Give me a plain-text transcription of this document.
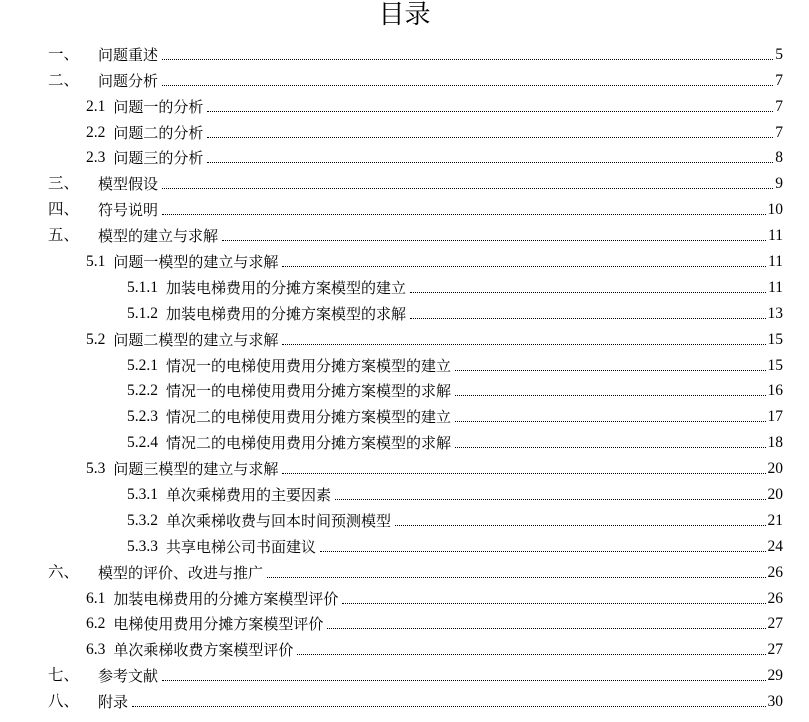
目录
一、	问题重述	5
二、	问题分析	7
2.1 问题一的分析	7
2.2 问题二的分析	7
2.3 问题三的分析	8
三、	模型假设	9
四、	符号说明	10
五、	模型的建立与求解	11
5.1 问题一模型的建立与求解	11
5.1.1 加装电梯费用的分摊方案模型的建立	11
5.1.2 加装电梯费用的分摊方案模型的求解	13
5.2 问题二模型的建立与求解	15
5.2.1 情况一的电梯使用费用分摊方案模型的建立	15
5.2.2 情况一的电梯使用费用分摊方案模型的求解	16
5.2.3 情况二的电梯使用费用分摊方案模型的建立	17
5.2.4 情况二的电梯使用费用分摊方案模型的求解	18
5.3 问题三模型的建立与求解	20
5.3.1 单次乘梯费用的主要因素	20
5.3.2 单次乘梯收费与回本时间预测模型	21
5.3.3 共享电梯公司书面建议	24
六、	模型的评价、改进与推广	26
6.1 加装电梯费用的分摊方案模型评价	26
6.2 电梯使用费用分摊方案模型评价	27
6.3 单次乘梯收费方案模型评价	27
七、	参考文献	29
八、	附录	30
